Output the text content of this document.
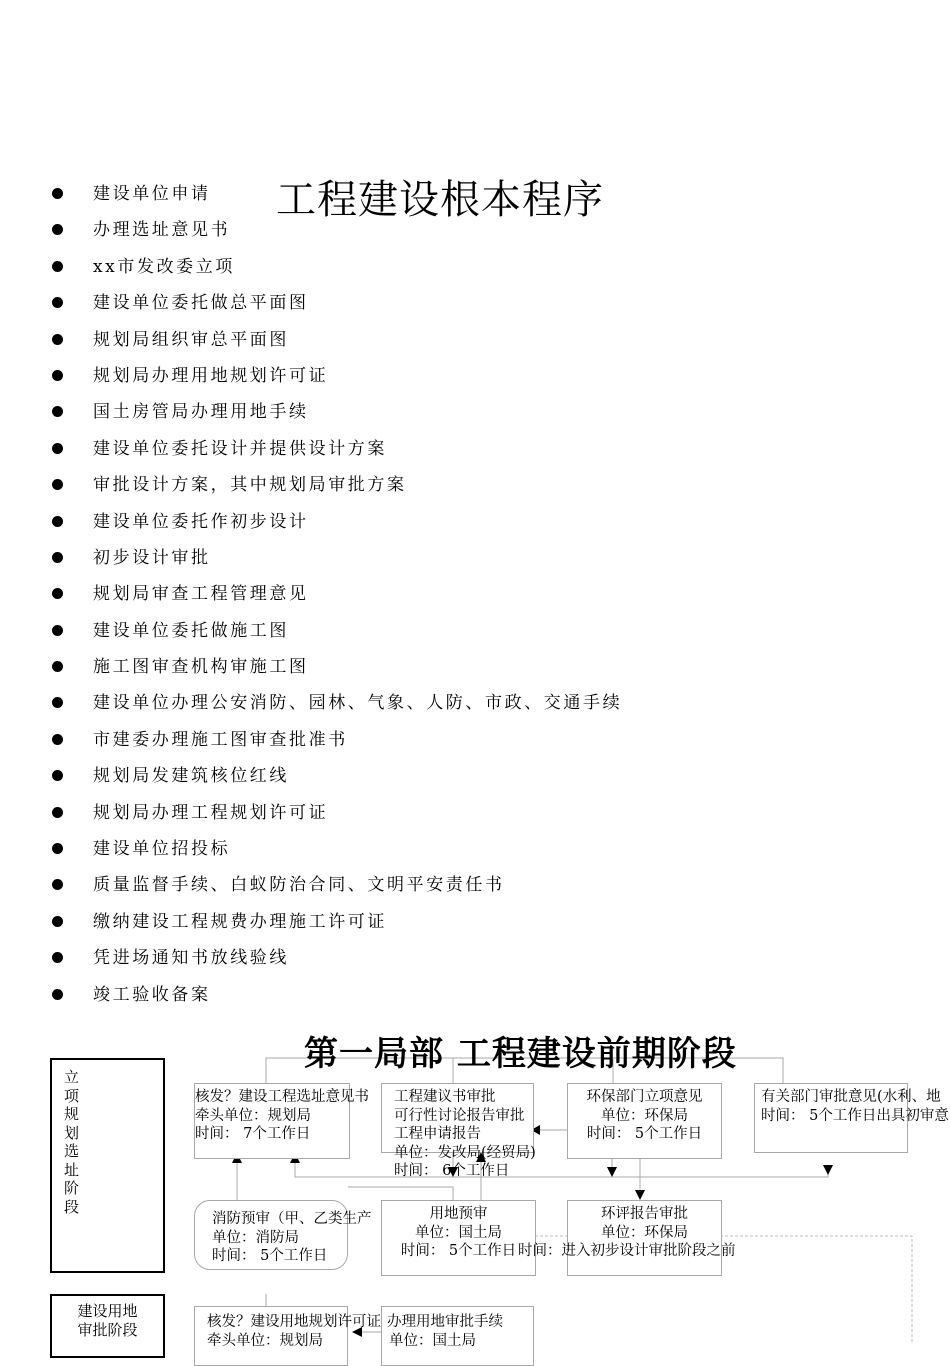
工程建设根本程序
建设单位申请
办理选址意见书
xx市发改委立项
建设单位委托做总平面图
规划局组织审总平面图
规划局办理用地规划许可证
国土房管局办理用地手续
建设单位委托设计并提供设计方案
审批设计方案，其中规划局审批方案
建设单位委托作初步设计
初步设计审批
规划局审查工程管理意见
建设单位委托做施工图
施工图审查机构审施工图
建设单位办理公安消防、园林、气象、人防、市政、交通手续
市建委办理施工图审查批准书
规划局发建筑核位红线
规划局办理工程规划许可证
建设单位招投标
质量监督手续、白蚁防治合同、文明平安责任书
缴纳建设工程规费办理施工许可证
凭进场通知书放线验线
竣工验收备案
第一局部 工程建设前期阶段
立项规划选址阶段
建设用地审批阶段
核发？建设工程选址意见书
牵头单位：规划局
时间： 7个工作日
工程建议书审批
可行性讨论报告审批
工程申请报告
单位：发改局(经贸局)
时间： 6个工作日
环保部门立项意见
单位：环保局
时间： 5个工作日
有关部门审批意见(水利、地
时间： 5个工作日出具初审意
消防预审（甲、乙类生产
单位：消防局
时间： 5个工作日
用地预审
单位：国土局
时间： 5个工作日
环评报告审批
单位：环保局
时间：进入初步设计审批阶段之前
核发？建设用地规划许可证
牵头单位：规划局
办理用地审批手续
单位：国土局
